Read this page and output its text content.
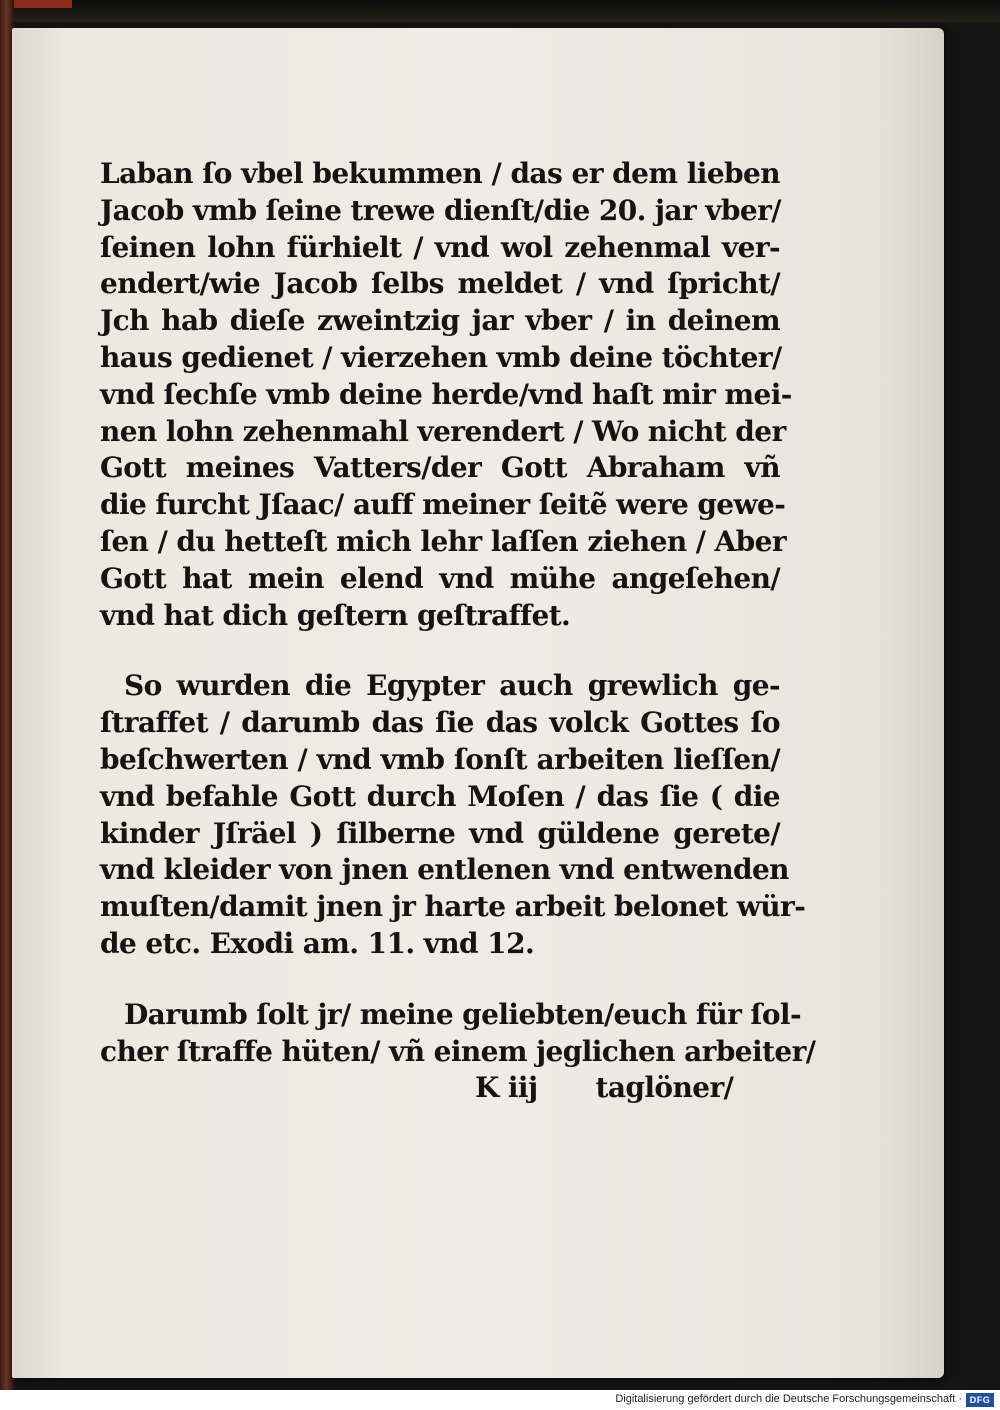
Laban ſo vbel bekummen / das er dem lieben
Jacob vmb ſeine trewe dienſt/die 20. jar vber/
ſeinen lohn fürhielt / vnd wol zehenmal ver-
endert/wie Jacob ſelbs meldet / vnd ſpricht/
Jch hab dieſe zweintzig jar vber / in deinem
haus gedienet / vierzehen vmb deine töchter/
vnd ſechſe vmb deine herde/vnd haſt mir mei-
nen lohn zehenmahl verendert / Wo nicht der
Gott meines Vatters/der Gott Abraham vñ
die furcht Jſaac/ auff meiner ſeitẽ were gewe-
ſen / du hetteſt mich lehr laſſen ziehen / Aber
Gott hat mein elend vnd mühe angeſehen/
vnd hat dich geſtern geſtraffet.
So wurden die Egypter auch grewlich ge-
ſtraffet / darumb das ſie das volck Gottes ſo
beſchwerten / vnd vmb ſonſt arbeiten lieſſen/
vnd befahle Gott durch Moſen / das ſie ( die
kinder Jſräel ) ſilberne vnd güldene gerete/
vnd kleider von jnen entlenen vnd entwenden
muſten/damit jnen jr harte arbeit belonet wür-
de etc. Exodi am. 11. vnd 12.
Darumb ſolt jr/ meine geliebten/euch für ſol-
cher ſtraffe hüten/ vñ einem jeglichen arbeiter/
K iij taglöner/
Digitalisierung gefördert durch die Deutsche Forschungsgemeinschaft · DFG
